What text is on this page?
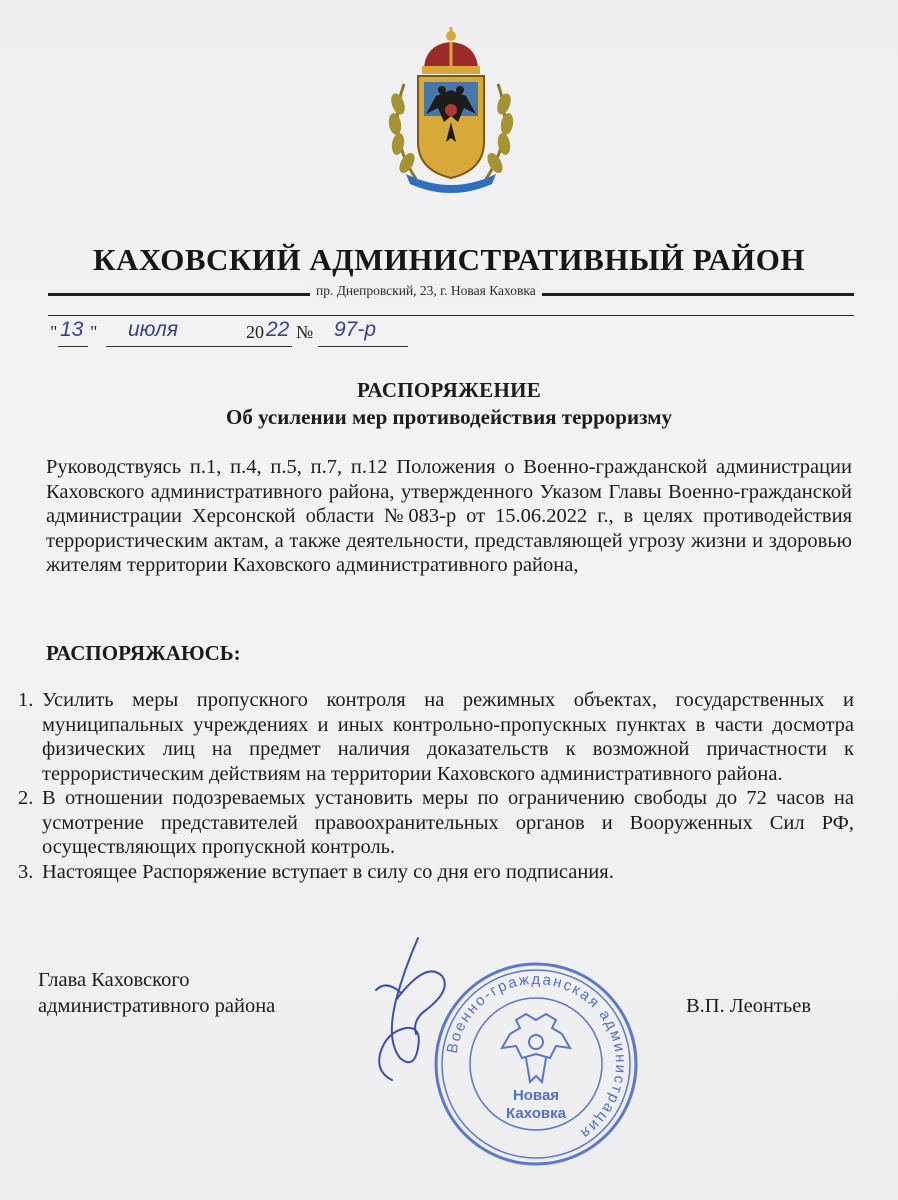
КАХОВСКИЙ АДМИНИСТРАТИВНЫЙ РАЙОН
пр. Днепровский, 23, г. Новая Каховка
" 13 " июля	20 22 № 97-р
РАСПОРЯЖЕНИЕ
Об усилении мер противодействия терроризму
Руководствуясь п.1, п.4, п.5, п.7, п.12 Положения о Военно-гражданской администрации Каховского административного района, утвержденного Указом Главы Военно-гражданской администрации Херсонской области №083-р от 15.06.2022 г., в целях противодействия террористическим актам, а также деятельности, представляющей угрозу жизни и здоровью жителям территории Каховского административного района,
РАСПОРЯЖАЮСЬ:
1. Усилить меры пропускного контроля на режимных объектах, государственных и муниципальных учреждениях и иных контрольно-пропускных пунктах в части досмотра физических лиц на предмет наличия доказательств к возможной причастности к террористическим действиям на территории Каховского административного района.
2. В отношении подозреваемых установить меры по ограничению свободы до 72 часов на усмотрение представителей правоохранительных органов и Вооруженных Сил РФ, осуществляющих пропускной контроль.
3. Настоящее Распоряжение вступает в силу со дня его подписания.
Глава Каховского
административного района	В.П. Леонтьев
Военно-гражданская администрация
Новая
Каховка
